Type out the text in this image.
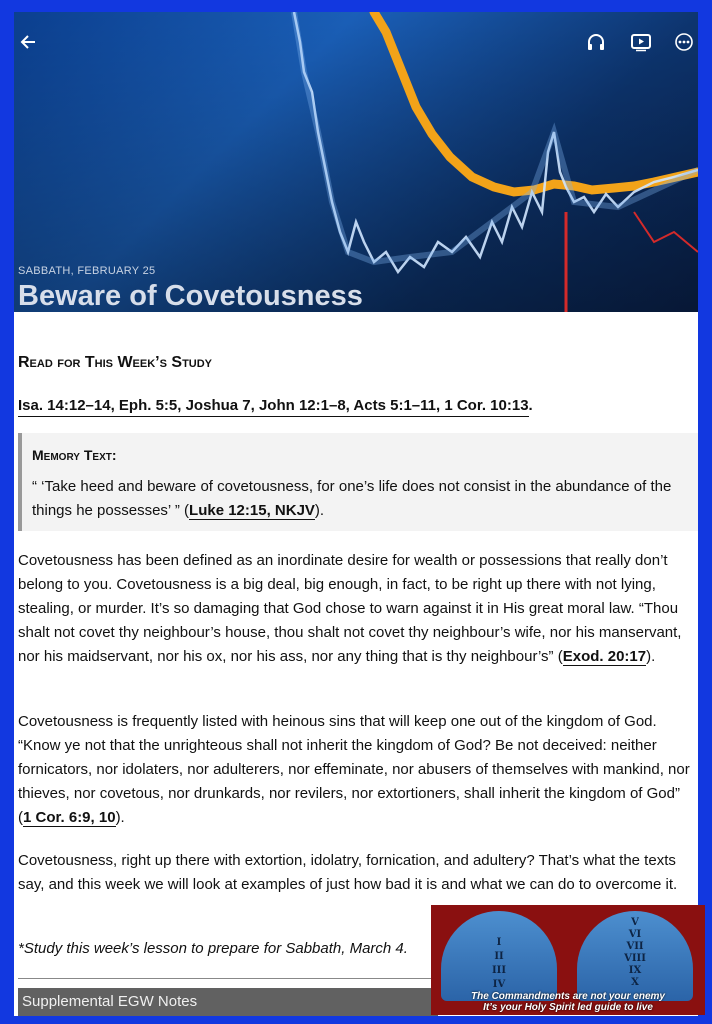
SABBATH, FEBRUARY 25
Beware of Covetousness
Read for This Week’s Study
Isa. 14:12–14, Eph. 5:5, Joshua 7, John 12:1–8, Acts 5:1–11, 1 Cor. 10:13.
Memory Text:
“ ‘Take heed and beware of covetousness, for one’s life does not consist in the abundance of the things he possesses’ ” (Luke 12:15, NKJV).
Covetousness has been defined as an inordinate desire for wealth or possessions that really don’t belong to you. Covetousness is a big deal, big enough, in fact, to be right up there with not lying, stealing, or murder. It’s so damaging that God chose to warn against it in His great moral law. “Thou shalt not covet thy neighbour’s house, thou shalt not covet thy neighbour’s wife, nor his manservant, nor his maidservant, nor his ox, nor his ass, nor any thing that is thy neighbour’s” (Exod. 20:17).
Covetousness is frequently listed with heinous sins that will keep one out of the kingdom of God. “Know ye not that the unrighteous shall not inherit the kingdom of God? Be not deceived: neither fornicators, nor idolaters, nor adulterers, nor effeminate, nor abusers of themselves with mankind, nor thieves, nor covetous, nor drunkards, nor revilers, nor extortioners, shall inherit the kingdom of God” (1 Cor. 6:9, 10).
Covetousness, right up there with extortion, idolatry, fornication, and adultery? That’s what the texts say, and this week we will look at examples of just how bad it is and what we can do to overcome it.
*Study this week’s lesson to prepare for Sabbath, March 4.
Supplemental EGW Notes
I
II
III
IV
V
VI
VII
VIII
IX
X
The Commandments are not your enemy
It’s your Holy Spirit led guide to live
